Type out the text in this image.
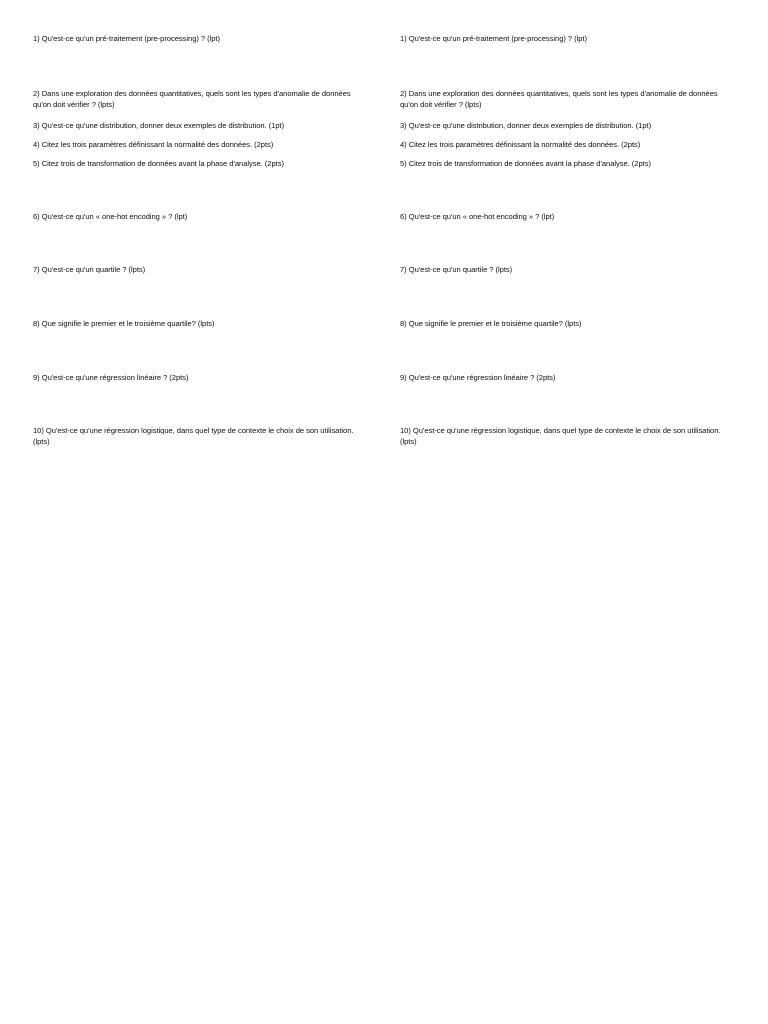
1) Qu'est-ce qu'un pré-traitement (pre-processing) ? (lpt)
2) Dans une exploration des données quantitatives, quels sont les types d'anomalie de données qu'on doit vérifier ? (lpts)
3) Qu'est-ce qu'une distribution, donner deux exemples de distribution. (1pt)
4) Citez les trois paramètres définissant la normalité des données. (2pts)
5) Citez trois de transformation de données avant la phase d'analyse. (2pts)
6) Qu'est-ce qu'un « one-hot encoding » ? (lpt)
7) Qu'est-ce qu'un quartile ? (lpts)
8) Que signifie le premier et le troisième quartile? (lpts)
9) Qu'est-ce qu'une régression linéaire ? (2pts)
10) Qu'est-ce qu'une régression logistique, dans quel type de contexte le choix de son utilisation. (lpts)
1) Qu'est-ce qu'un pré-traitement (pre-processing) ? (lpt)
2) Dans une exploration des données quantitatives, quels sont les types d'anomalie de données qu'on doit vérifier ? (lpts)
3) Qu'est-ce qu'une distribution, donner deux exemples de distribution. (1pt)
4) Citez les trois paramètres définissant la normalité des données. (2pts)
5) Citez trois de transformation de données avant la phase d'analyse. (2pts)
6) Qu'est-ce qu'un « one-hot encoding » ? (lpt)
7) Qu'est-ce qu'un quartile ? (lpts)
8) Que signifie le premier et le troisième quartile? (lpts)
9) Qu'est-ce qu'une régression linéaire ? (2pts)
10) Qu'est-ce qu'une régression logistique, dans quel type de contexte le choix de son utilisation. (lpts)
